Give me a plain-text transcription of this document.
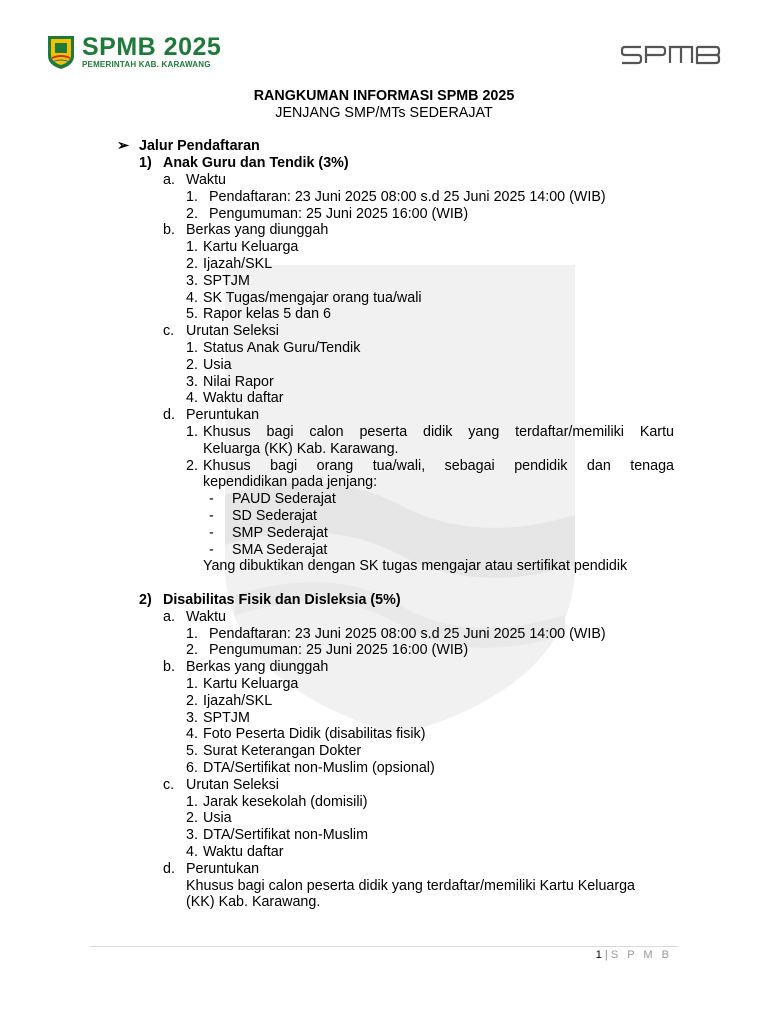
SPMB 2025
PEMERINTAH KAB. KARAWANG
RANGKUMAN INFORMASI SPMB 2025
JENJANG SMP/MTs SEDERAJAT
➢ Jalur Pendaftaran
1) Anak Guru dan Tendik (3%)
a. Waktu
1. Pendaftaran: 23 Juni 2025 08:00 s.d 25 Juni 2025 14:00 (WIB)
2. Pengumuman: 25 Juni 2025 16:00 (WIB)
b. Berkas yang diunggah
1. Kartu Keluarga
2. Ijazah/SKL
3. SPTJM
4. SK Tugas/mengajar orang tua/wali
5. Rapor kelas 5 dan 6
c. Urutan Seleksi
1. Status Anak Guru/Tendik
2. Usia
3. Nilai Rapor
4. Waktu daftar
d. Peruntukan
1. Khusus bagi calon peserta didik yang terdaftar/memiliki Kartu
Keluarga (KK) Kab. Karawang.
2. Khusus bagi orang tua/wali, sebagai pendidik dan tenaga
kependidikan pada jenjang:
- PAUD Sederajat
- SD Sederajat
- SMP Sederajat
- SMA Sederajat
Yang dibuktikan dengan SK tugas mengajar atau sertifikat pendidik
2) Disabilitas Fisik dan Disleksia (5%)
a. Waktu
1. Pendaftaran: 23 Juni 2025 08:00 s.d 25 Juni 2025 14:00 (WIB)
2. Pengumuman: 25 Juni 2025 16:00 (WIB)
b. Berkas yang diunggah
1. Kartu Keluarga
2. Ijazah/SKL
3. SPTJM
4. Foto Peserta Didik (disabilitas fisik)
5. Surat Keterangan Dokter
6. DTA/Sertifikat non-Muslim (opsional)
c. Urutan Seleksi
1. Jarak kesekolah (domisili)
2. Usia
3. DTA/Sertifikat non-Muslim
4. Waktu daftar
d. Peruntukan
Khusus bagi calon peserta didik yang terdaftar/memiliki Kartu Keluarga
(KK) Kab. Karawang.
1 | S P M B
